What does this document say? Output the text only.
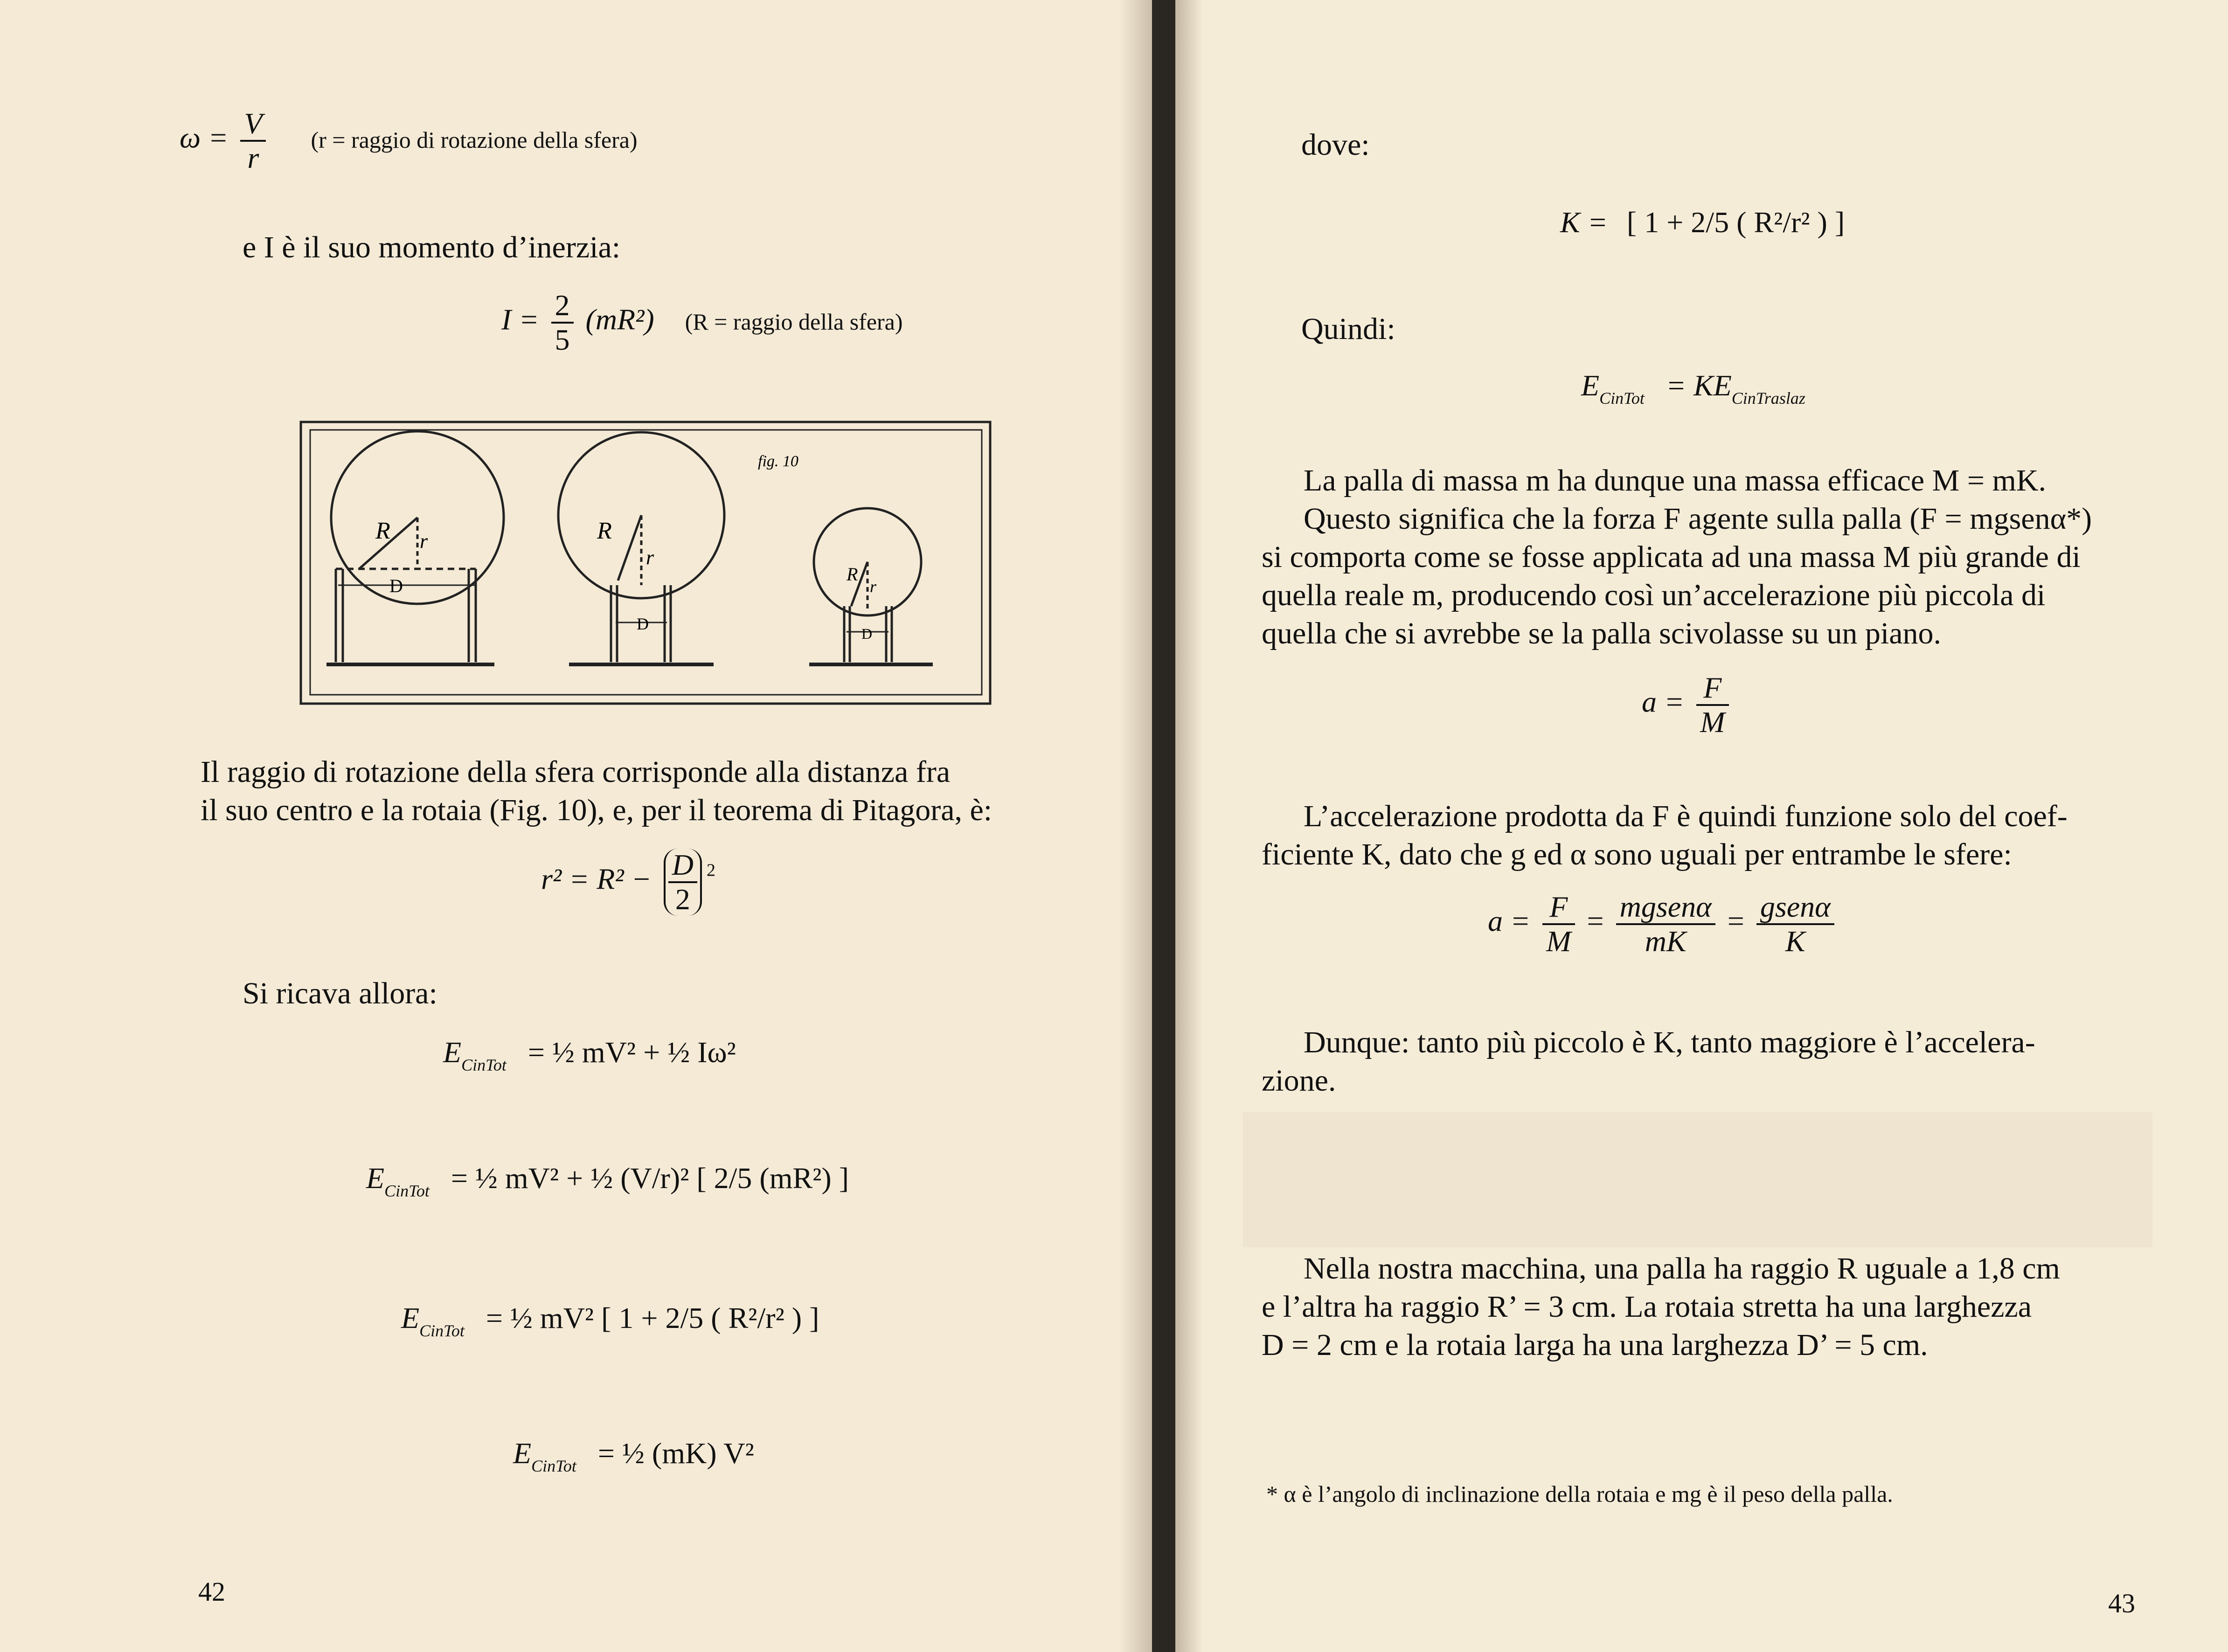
$\omega = \frac{V}{r} (r$ = raggio di rotazione della sfera)
e I è il suo momento d’inerzia:
$I = \frac{2}{5} (mR^2) (R$ = raggio della sfera)
fig. 10
R r
D
R
r
D
R
r
D
Il raggio di rotazione della sfera corrisponde alla distanza fra
il suo centro e la rotaia (Fig. 10), e, per il teorema di Pitagora, è:
$r^2 = R^2 - \frac{D}{2} ^2$
Si ricava allora:
$E_{CinTot}$ = ½ mV² + ½ Iω²
$E_{CinTot}$ = ½ mV² + ½ (V/r)² [ 2/5 (mR²) ]
$E_{CinTot}$ = ½ mV² [ 1 + 2/5 ( R²/r² ) ]
$E_{CinTot}$ = ½ (mK) V²
42
dove:
K = [ 1 + 2/5 ( R²/r² ) ]
Quindi:
$E_{CinTot} = KE_{CinTraslaz}$
La palla di massa m ha dunque una massa efficace M = mK.
Questo significa che la forza F agente sulla palla (F = mgsenα*)
si comporta come se fosse applicata ad una massa M più grande di
quella reale m, producendo così un’accelerazione più piccola di
quella che si avrebbe se la palla scivolasse su un piano.
$a = \frac{F}{M}$
L’accelerazione prodotta da F è quindi funzione solo del coef-
ficiente K, dato che g ed α sono uguali per entrambe le sfere:
$a = \frac{F}{M} = \frac{\text{mgsenα}}{mK} = \frac{\text{gsenα}}{K}$
Dunque: tanto più piccolo è K, tanto maggiore è l’accelera-
zione.
Nella nostra macchina, una palla ha raggio R uguale a 1,8 cm
e l’altra ha raggio R’ = 3 cm. La rotaia stretta ha una larghezza
D = 2 cm e la rotaia larga ha una larghezza D’ = 5 cm.
* α è l’angolo di inclinazione della rotaia e mg è il peso della palla.
43
